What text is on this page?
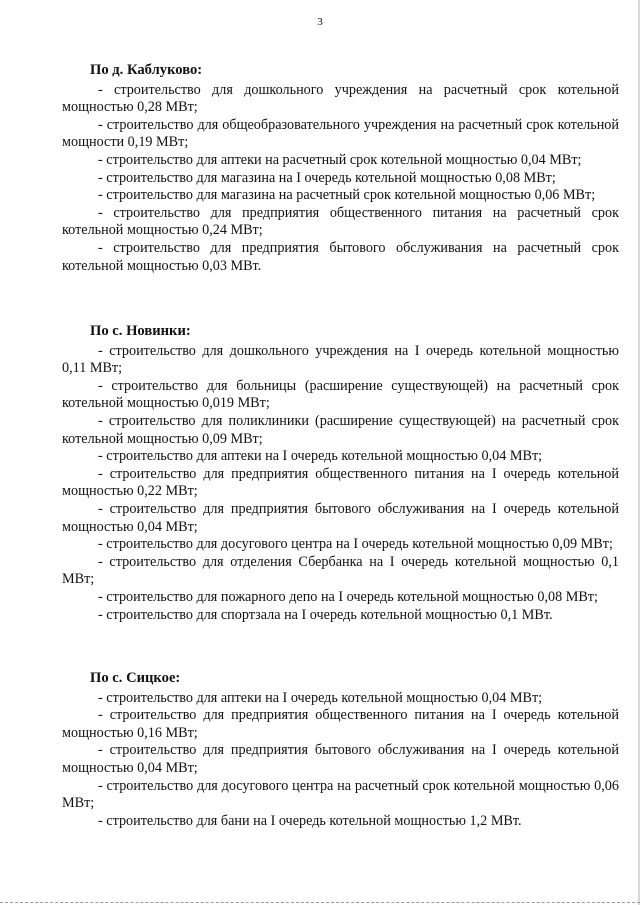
3
По д. Каблуково:

- строительство для дошкольного учреждения на расчетный срок котельной мощностью 0,28 МВт;

- строительство для общеобразовательного учреждения на расчетный срок котельной мощности 0,19 МВт;

- строительство для аптеки на расчетный срок котельной мощностью 0,04 МВт;

- строительство для магазина на I очередь котельной мощностью 0,08 МВт;

- строительство для магазина на расчетный срок котельной мощностью 0,06 МВт;

- строительство для предприятия общественного питания на расчетный срок котельной мощностью 0,24 МВт;

- строительство для предприятия бытового обслуживания на расчетный срок котельной мощностью 0,03 МВт.

По с. Новинки:

- строительство для дошкольного учреждения на I очередь котельной мощностью 0,11 МВт;

- строительство для больницы (расширение существующей) на расчетный срок котельной мощностью 0,019 МВт;

- строительство для поликлиники (расширение существующей) на расчетный срок котельной мощностью 0,09 МВт;

- строительство для аптеки на I очередь котельной мощностью 0,04 МВт;

- строительство для предприятия общественного питания на I очередь котельной мощностью 0,22 МВт;

- строительство для предприятия бытового обслуживания на I очередь котельной мощностью 0,04 МВт;

- строительство для досугового центра на I очередь котельной мощностью 0,09 МВт;

- строительство для отделения Сбербанка на I очередь котельной мощностью 0,1 МВт;

- строительство для пожарного депо на I очередь котельной мощностью 0,08 МВт;

- строительство для спортзала на I очередь котельной мощностью 0,1 МВт.

По с. Сицкое:

- строительство для аптеки на I очередь котельной мощностью 0,04 МВт;

- строительство для предприятия общественного питания на I очередь котельной мощностью 0,16 МВт;

- строительство для предприятия бытового обслуживания на I очередь котельной мощностью 0,04 МВт;

- строительство для досугового центра на расчетный срок котельной мощностью 0,06 МВт;

- строительство для бани на I очередь котельной мощностью 1,2 МВт.
